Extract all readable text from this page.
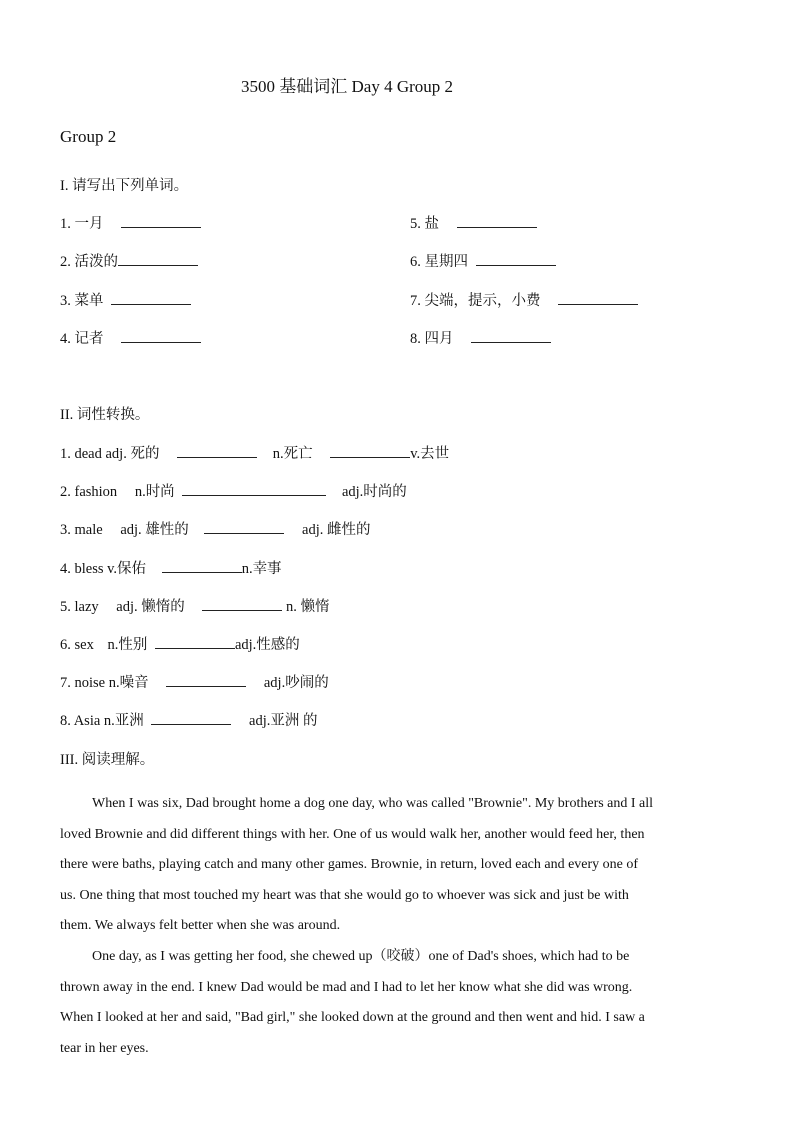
3500 基础词汇 Day 4 Group 2
Group 2
I. 请写出下列单词。
1. 一月
2. 活泼的
3. 菜单
4. 记者
5. 盐
6. 星期四
7. 尖端，提示，小费
8. 四月
II. 词性转换。
1. dead adj. 死的	n.死亡	v.去世
2. fashion n.时尚	adj.时尚的
3. male adj. 雄性的	adj. 雌性的
4. bless v.保佑	n.幸事
5. lazy adj. 懒惰的	n. 懒惰
6. sex n.性别	adj.性感的
7. noise n.噪音	adj.吵闹的
8. Asia n.亚洲	adj.亚洲 的
III. 阅读理解。
When I was six, Dad brought home a dog one day, who was called "Brownie". My brothers and I all
loved Brownie and did different things with her. One of us would walk her, another would feed her, then
there were baths, playing catch and many other games. Brownie, in return, loved each and every one of
us. One thing that most touched my heart was that she would go to whoever was sick and just be with
them. We always felt better when she was around.
One day, as I was getting her food, she chewed up（咬破）one of Dad's shoes, which had to be
thrown away in the end. I knew Dad would be mad and I had to let her know what she did was wrong.
When I looked at her and said, "Bad girl," she looked down at the ground and then went and hid. I saw a
tear in her eyes.
